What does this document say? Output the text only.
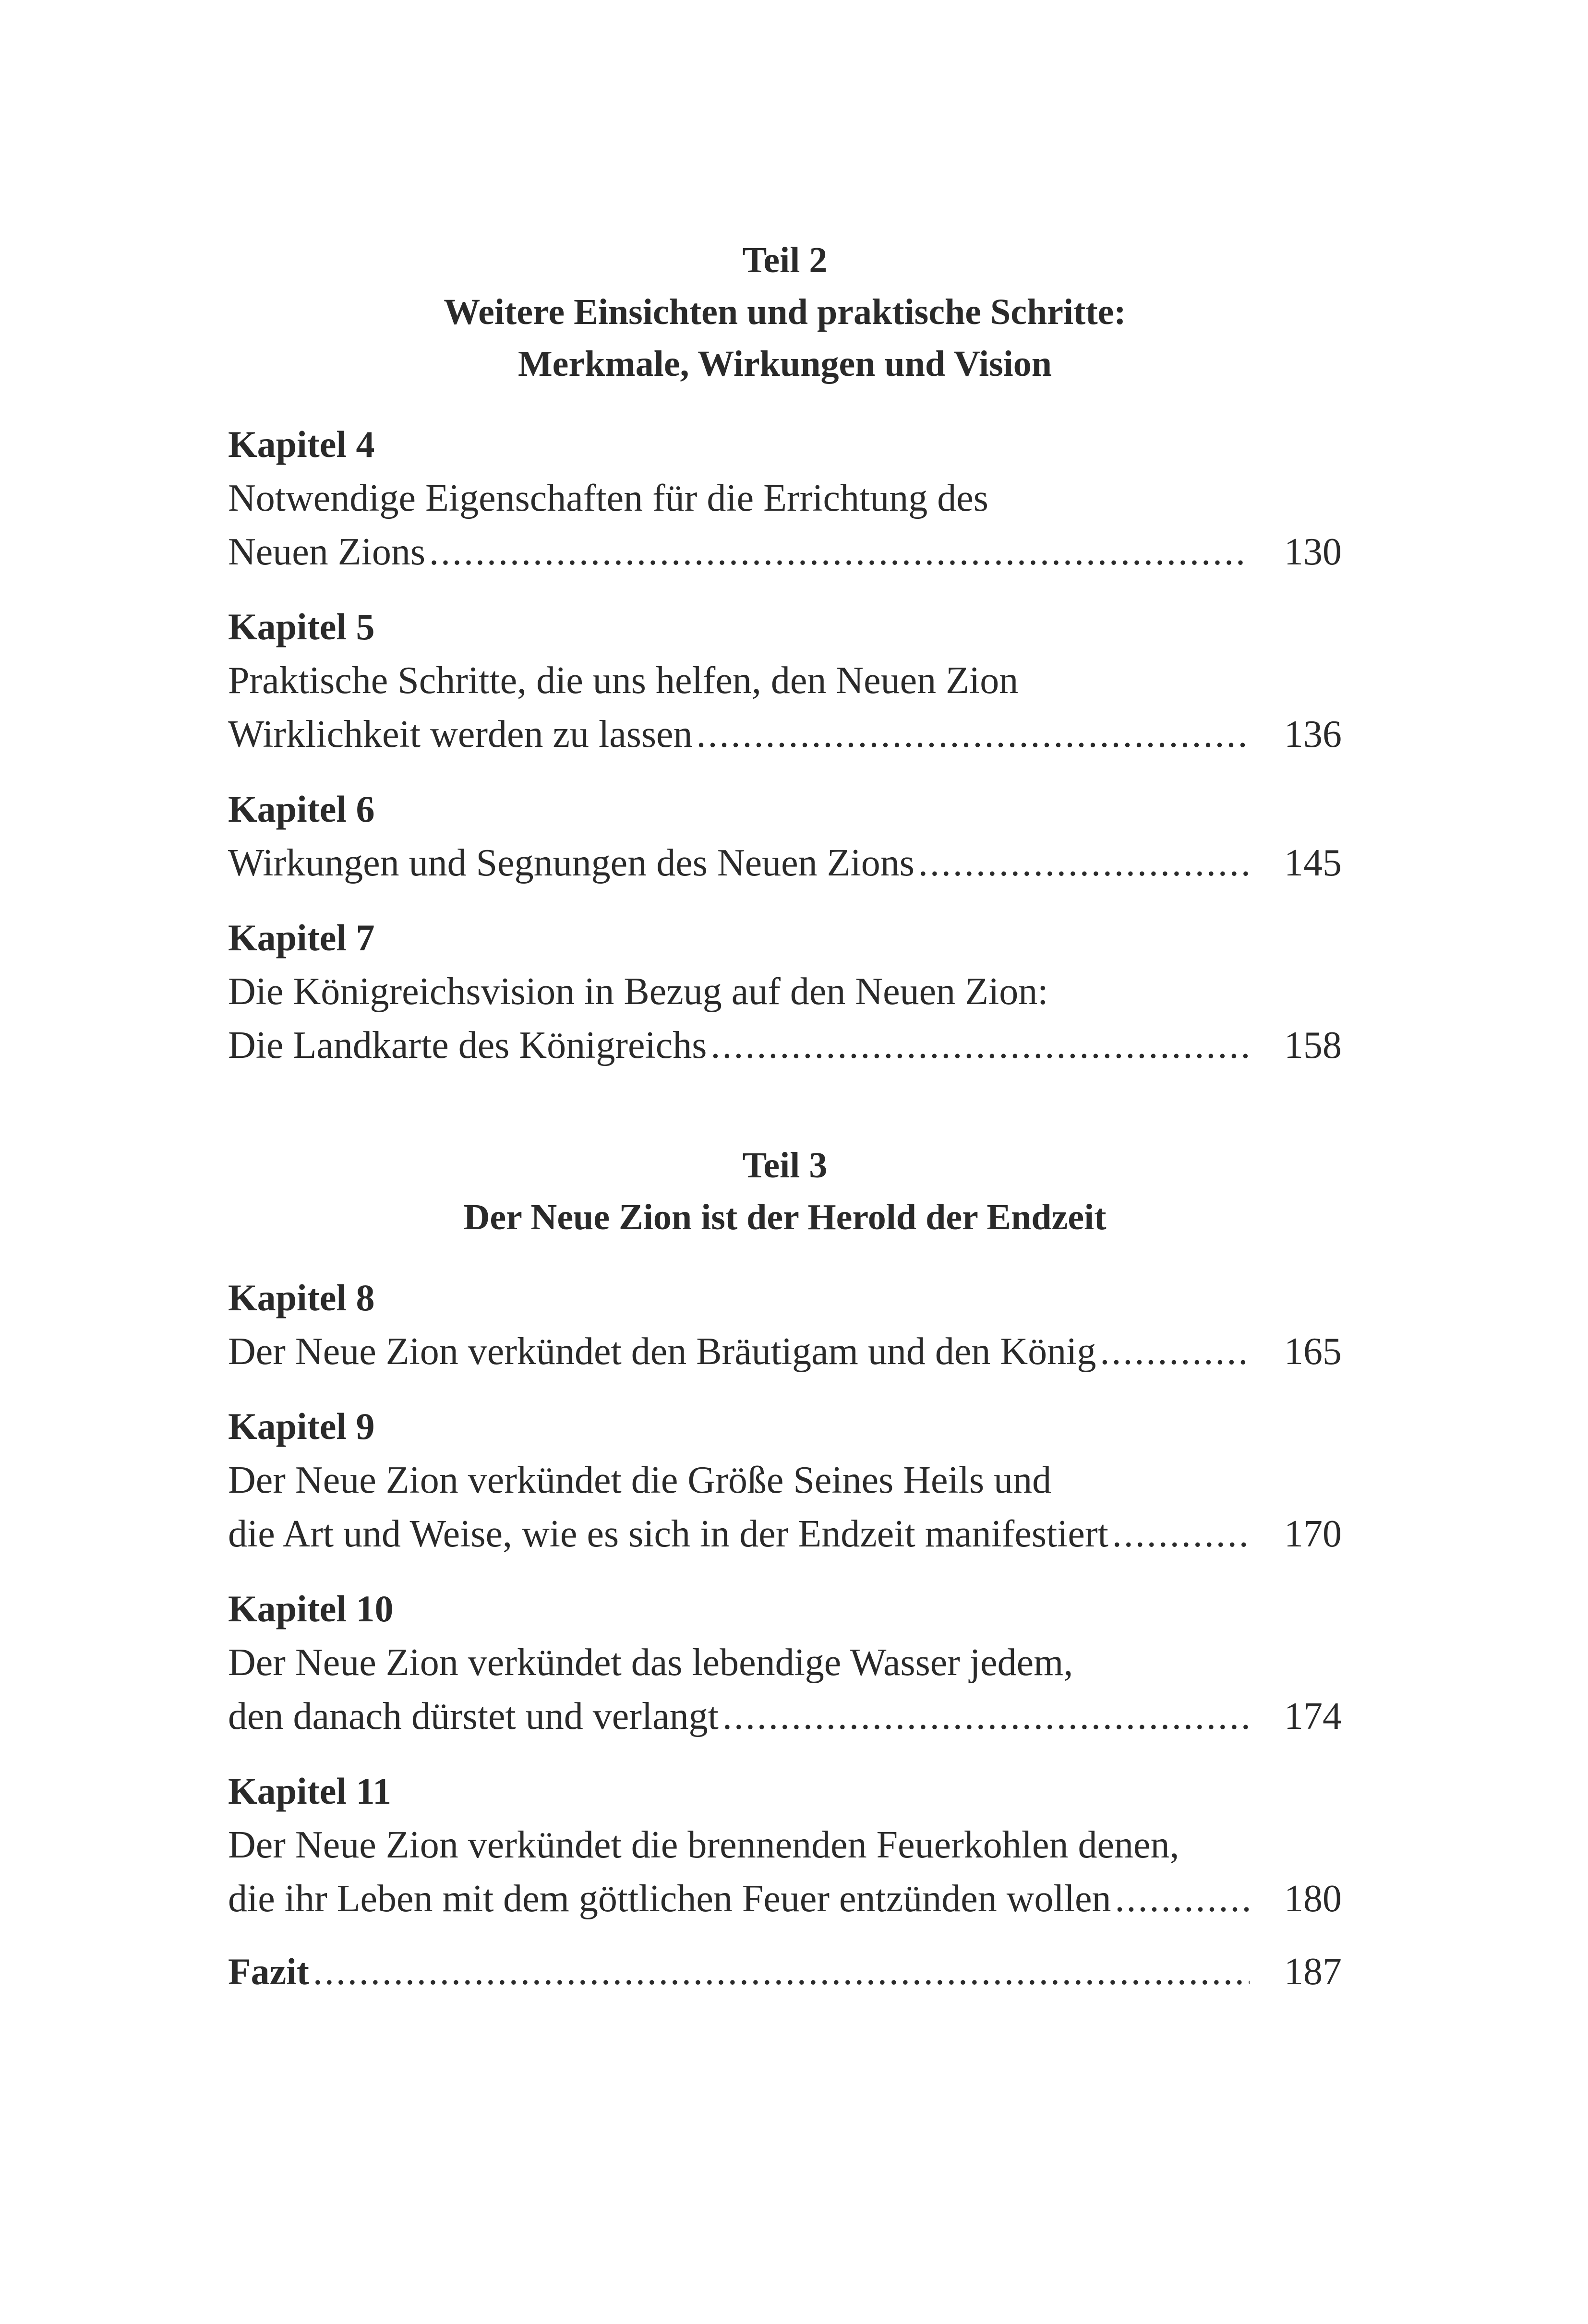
Teil 2
Weitere Einsichten und praktische Schritte:
Merkmale, Wirkungen und Vision
Kapitel 4
Notwendige Eigenschaften für die Errichtung des
Neuen Zions .....	130
Kapitel 5
Praktische Schritte, die uns helfen, den Neuen Zion
Wirklichkeit werden zu lassen .....	136
Kapitel 6
Wirkungen und Segnungen des Neuen Zions .....	145
Kapitel 7
Die Königreichsvision in Bezug auf den Neuen Zion:
Die Landkarte des Königreichs .....	158
Teil 3
Der Neue Zion ist der Herold der Endzeit
Kapitel 8
Der Neue Zion verkündet den Bräutigam und den König .....	165
Kapitel 9
Der Neue Zion verkündet die Größe Seines Heils und
die Art und Weise, wie es sich in der Endzeit manifestiert .....	170
Kapitel 10
Der Neue Zion verkündet das lebendige Wasser jedem,
den danach dürstet und verlangt .....	174
Kapitel 11
Der Neue Zion verkündet die brennenden Feuerkohlen denen,
die ihr Leben mit dem göttlichen Feuer entzünden wollen .....	180
Fazit .....	187
